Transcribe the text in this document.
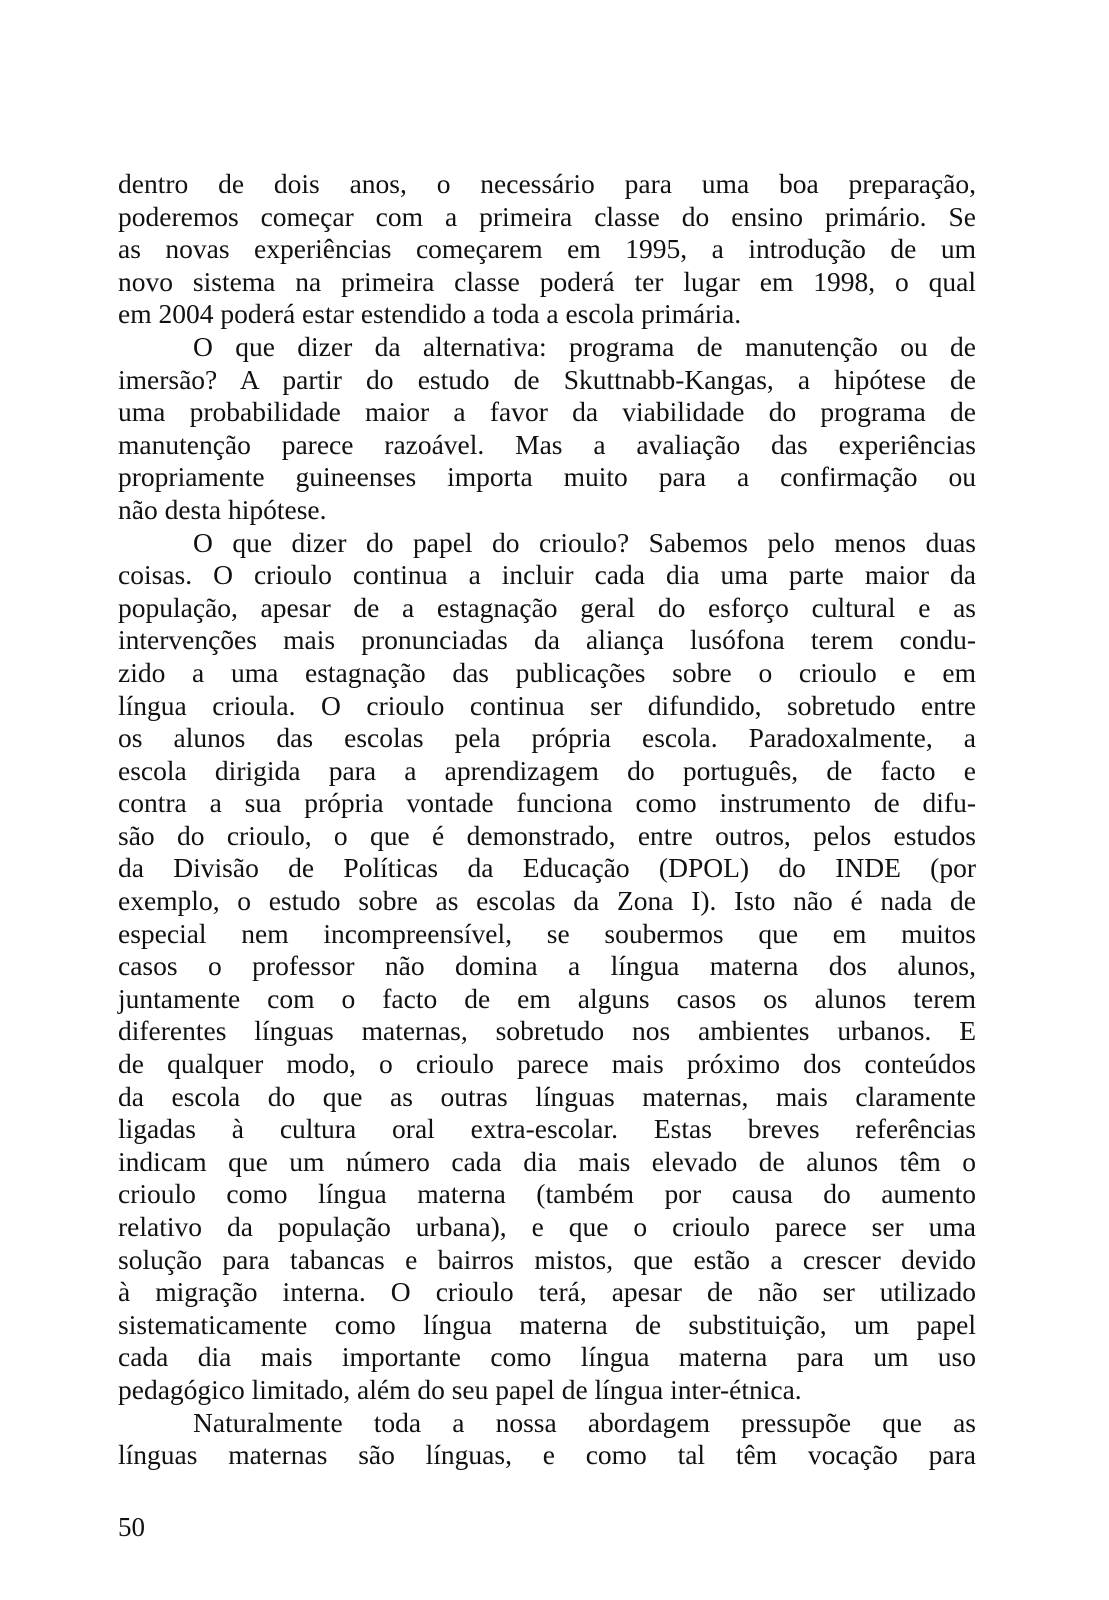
dentro de dois anos, o necessário para uma boa preparação,
poderemos começar com a primeira classe do ensino primário. Se
as novas experiências começarem em 1995, a introdução de um
novo sistema na primeira classe poderá ter lugar em 1998, o qual
em 2004 poderá estar estendido a toda a escola primária.
O que dizer da alternativa: programa de manutenção ou de
imersão? A partir do estudo de Skuttnabb-Kangas, a hipótese de
uma probabilidade maior a favor da viabilidade do programa de
manutenção parece razoável. Mas a avaliação das experiências
propriamente guineenses importa muito para a confirmação ou
não desta hipótese.
O que dizer do papel do crioulo? Sabemos pelo menos duas
coisas. O crioulo continua a incluir cada dia uma parte maior da
população, apesar de a estagnação geral do esforço cultural e as
intervenções mais pronunciadas da aliança lusófona terem condu-
zido a uma estagnação das publicações sobre o crioulo e em
língua crioula. O crioulo continua ser difundido, sobretudo entre
os alunos das escolas pela própria escola. Paradoxalmente, a
escola dirigida para a aprendizagem do português, de facto e
contra a sua própria vontade funciona como instrumento de difu-
são do crioulo, o que é demonstrado, entre outros, pelos estudos
da Divisão de Políticas da Educação (DPOL) do INDE (por
exemplo, o estudo sobre as escolas da Zona I). Isto não é nada de
especial nem incompreensível, se soubermos que em muitos
casos o professor não domina a língua materna dos alunos,
juntamente com o facto de em alguns casos os alunos terem
diferentes línguas maternas, sobretudo nos ambientes urbanos. E
de qualquer modo, o crioulo parece mais próximo dos conteúdos
da escola do que as outras línguas maternas, mais claramente
ligadas à cultura oral extra-escolar. Estas breves referências
indicam que um número cada dia mais elevado de alunos têm o
crioulo como língua materna (também por causa do aumento
relativo da população urbana), e que o crioulo parece ser uma
solução para tabancas e bairros mistos, que estão a crescer devido
à migração interna. O crioulo terá, apesar de não ser utilizado
sistematicamente como língua materna de substituição, um papel
cada dia mais importante como língua materna para um uso
pedagógico limitado, além do seu papel de língua inter-étnica.
Naturalmente toda a nossa abordagem pressupõe que as
línguas maternas são línguas, e como tal têm vocação para
50
